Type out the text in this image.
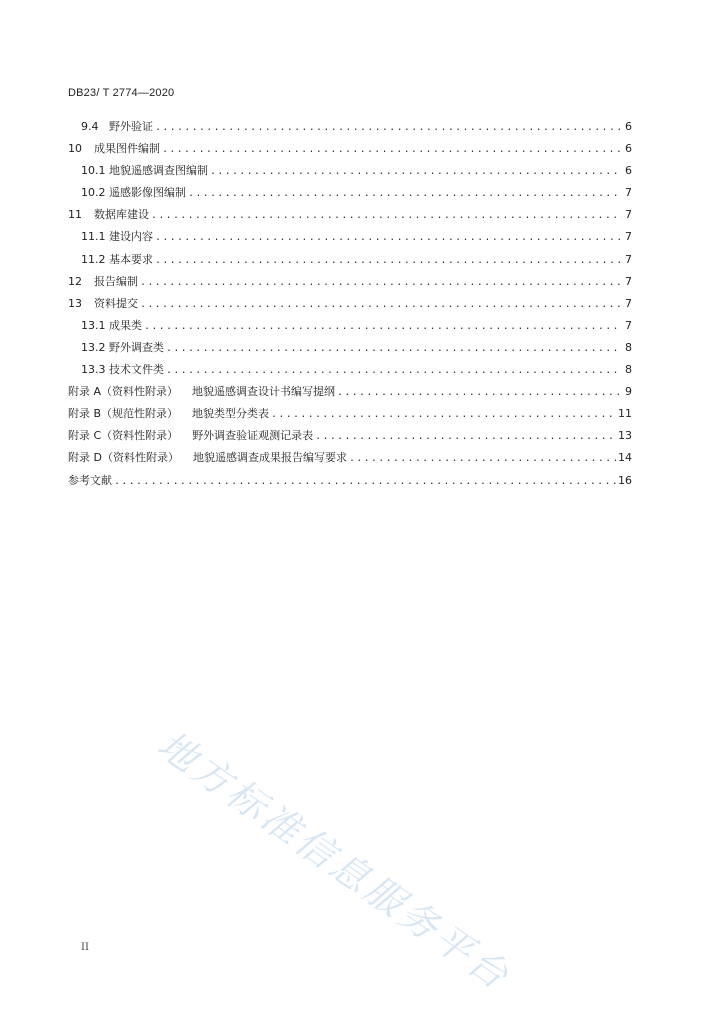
DB23/ T 2774—2020
9.4 野外验证 .....	6
10	成果图件编制 .....	6
10.1 地貌遥感调查图编制 .....	6
10.2 遥感影像图编制 .....	7
11	数据库建设 .....	7
11.1 建设内容 .....	7
11.2 基本要求 .....	7
12	报告编制 .....	7
13	资料提交 .....	7
13.1 成果类 .....	7
13.2 野外调查类 .....	8
13.3 技术文件类 .....	8
附录 A（资料性附录）	地貌遥感调查设计书编写提纲 .....	9
附录 B（规范性附录）	地貌类型分类表 .....	11
附录 C（资料性附录）	野外调查验证观测记录表 .....	13
附录 D（资料性附录）	地貌遥感调查成果报告编写要求 .....	14
参考文献 .....	16
地方标准信息服务平台
II
